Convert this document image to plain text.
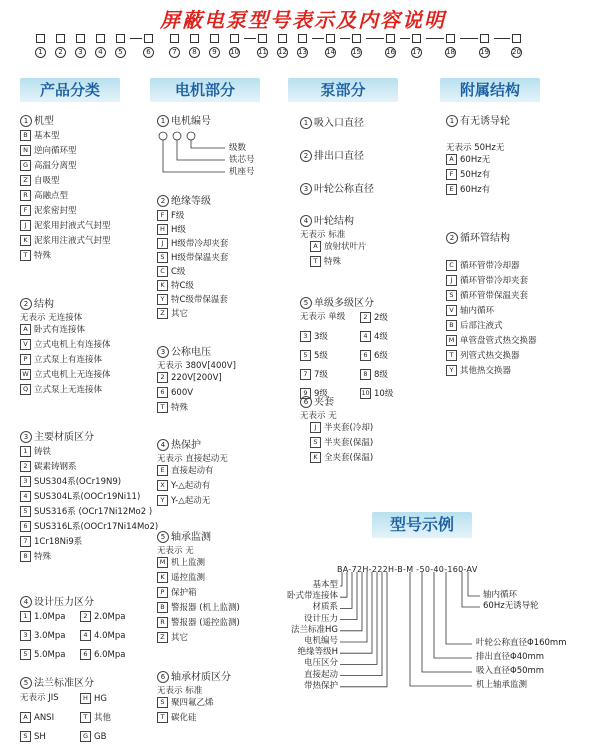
屏蔽电泵型号表示及内容说明
1	2	3	4	5	6	7	8	9	10	11 12 13	14 15	16 17	18	19	20
产品分类	电机部分	泵部分	附属结构
1 机型
B 基本型
N 逆向循环型
G 高温分离型
Z 自吸型
R 高融点型
F 泥浆密封型
J 泥浆用封液式气封型
K 泥浆用注液式气封型
T 特殊
2 结构
无表示 无连接体
A 卧式有连接体
V 立式电机上有连接体
P 立式泵上有连接体
W 立式电机上无连接体
Q 立式泵上无连接体
3 主要材质区分
1 铸铁
2 碳素铸钢系
3 SUS304系(OCr19N9)
4 SUS304L系(OOCr19Ni11)
5 SUS316系 (OCr17Ni12Mo2 )
6 SUS316L系(OOCr17Ni14Mo2)
7 1Cr18Ni9系
8 特殊
4 设计压力区分
1 1.0Mpa	2 2.0Mpa
3 3.0Mpa	4 4.0Mpa
5 5.0Mpa	6 6.0Mpa
5 法兰标准区分
无表示 JIS	H HG
A ANSI	T 其他
S SH	G GB
1 电机编号
级数
铁芯号
机座号
2 绝缘等级
F F级
H H级
J H级带冷却夹套
S H级带保温夹套
C C级
K 特C级
Y 特C级带保温套
Z 其它
3 公称电压
无表示 380V[400V]
2 220V[200V]
6 600V
T 特殊
4 热保护
无表示 直接起动无
E 直接起动有
X Y-△起动有
Y Y-△起动无
5 轴承监测
无表示 无
M 机上监测
K 遥控监测
P 保护箱
B 警报器 (机上监测)
R 警报器 (遥控监测)
Z 其它
6 轴承材质区分
无表示 标准
S 聚四氟乙烯
T 碳化硅
1 吸入口直径
2 排出口直径
3 叶轮公称直径
4 叶轮结构
无表示 标准
A 放射状叶片
T 特殊
5 单级多级区分
无表示 单级	2 2级
3 3级	4 4级
5 5级	6 6级
7 7级	8 8级
9 9级	10 10级
6 夹套
无表示 无
J 半夹套(冷却)
S 半夹套(保温)
K 全夹套(保温)
1 有无诱导轮
无表示 50Hz无
A 60Hz无
F 50Hz有
E 60Hz有
2 循环管结构
C 循环管带冷却器
J 循环管带冷却夹套
S 循环管带保温夹套
V 轴内循环
B 后部注液式
M 单管盘管式热交换器
T 列管式热交换器
Y 其他热交换器
型号示例
BA-72H-222H-B-M -50-40-160-AV
基本型
卧式带连接体
材质系
设计压力
法兰标准HG
电机编号
绝缘等级H
电压区分
直接起动
带热保护
轴内循环
60Hz无诱导轮
叶轮公称直径Φ160mm
排出直径Φ40mm
吸入直径Φ50mm
机上轴承监测
